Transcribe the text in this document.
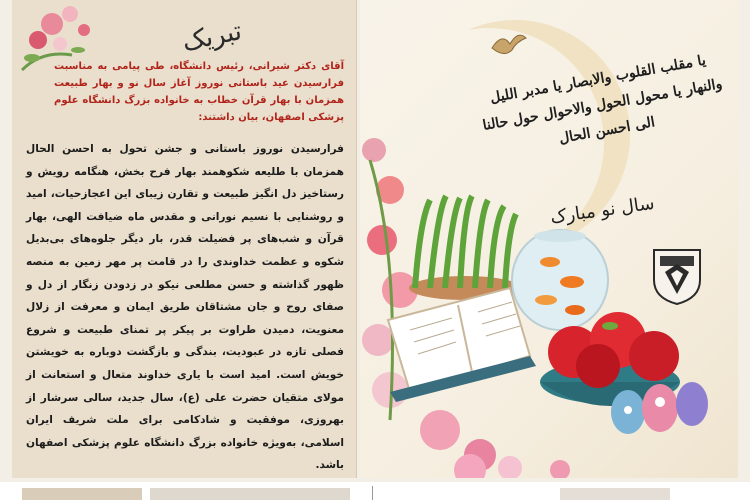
تبریک
آقای دکتر شیرانی، رئیس دانشگاه، طی پیامی به مناسبت فرارسیدن عید باستانی نوروز آغاز سال نو و بهار طبیعت همزمان با بهار قرآن خطاب به خانواده بزرگ دانشگاه علوم پزشکی اصفهان، بیان داشتند:
فرارسیدن نوروز باستانی و جشن تحول به احسن الحال همزمان با طلیعه شکوهمند بهار فرح بخش، هنگامه رویش و رستاخیز دل انگیز طبیعت و تقارن زیبای این اعجازحیات، امید و روشنایی با نسیم نورانی و مقدس ماه ضیافت الهی، بهار قرآن و شب‌های پر فضیلت قدر، بار دیگر جلوه‌های بی‌بدیل شکوه و عظمت خداوندی را در قامت پر مهر زمین به منصه ظهور گذاشته و حسن مطلعی نیکو در زدودن زنگار از دل و صفای روح و جان مشتاقان طریق ایمان و معرفت از زلال معنویت، دمیدن طراوت بر پیکر پر تمنای طبیعت و شروع فصلی تازه در عبودیت، بندگی و بازگشت دوباره به خویشتن خویش است. امید است با یاری خداوند متعال و استعانت از مولای متقیان حضرت علی (ع)، سال جدید، سالی سرشار از بهروزی، موفقیت و شادکامی برای ملت شریف ایران اسلامی، به‌ویژه خانواده بزرگ دانشگاه علوم پزشکی اصفهان باشد.
یا مقلب القلوب والابصار یا مدبر اللیل والنهار یا محول الحول والاحوال حول حالنا الی احسن الحال
سال نو مبارک
